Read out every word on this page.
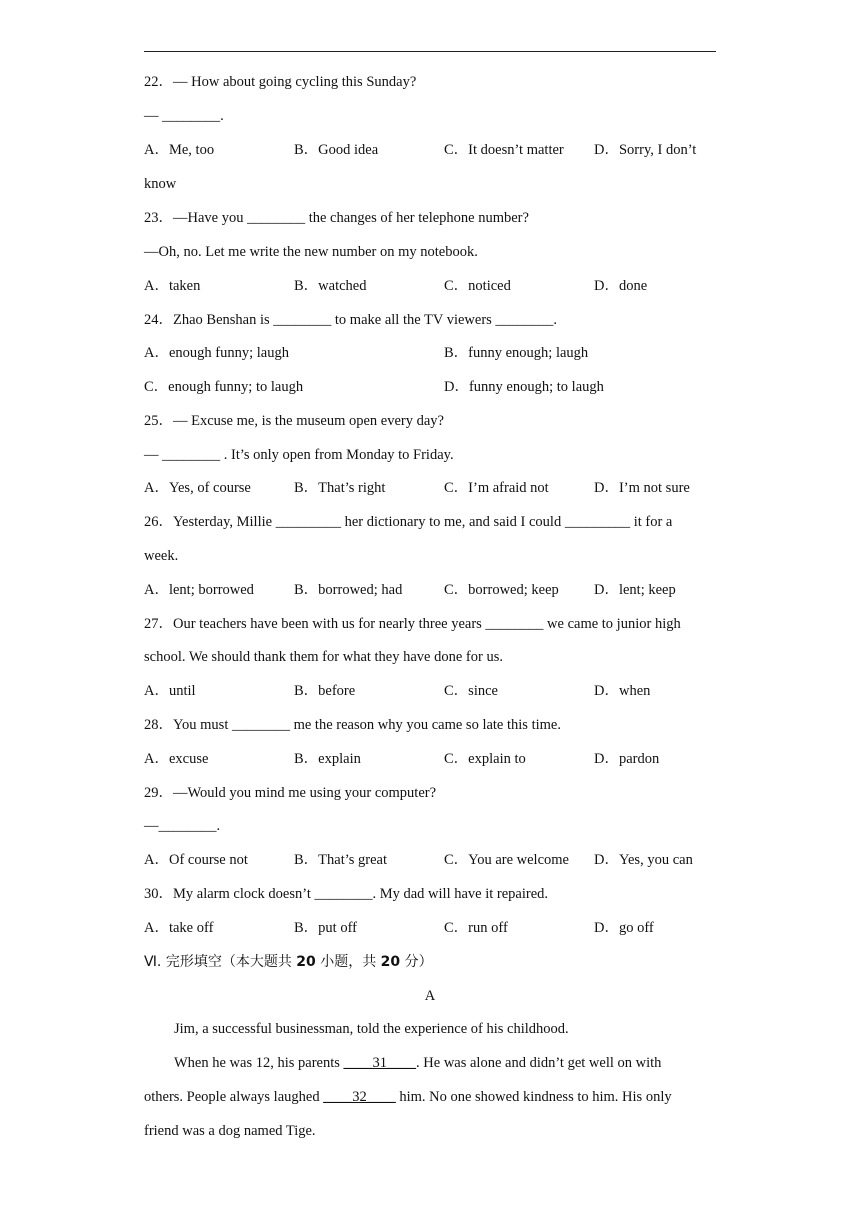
22．— How about going cycling this Sunday?
— ________.

A．Me, too

	B．Good idea

	C．It doesn’t matter

D．Sorry, I don’t

know
23．—Have you ________ the changes of her telephone number?
—Oh, no. Let me write the new number on my notebook.

A．taken

	B．watched

	C．noticed

	D．done

24．Zhao Benshan is ________ to make all the TV viewers ________.

A．enough funny; laugh

	B．funny enough; laugh

C．enough funny; to laugh

	D．funny enough; to laugh

25．— Excuse me, is the museum open every day?
— ________ . It’s only open from Monday to Friday.

A．Yes, of course

	B．That’s right

	C．I’m afraid not

	D．I’m not sure

26．Yesterday, Millie _________ her dictionary to me, and said I could _________ it for a
week.

A．lent; borrowed

	B．borrowed; had

	C．borrowed; keep

D．lent; keep

27．Our teachers have been with us for nearly three years ________ we came to junior high
school. We should thank them for what they have done for us.

A．until

	B．before

	C．since

	D．when

28．You must ________ me the reason why you came so late this time.

A．excuse

	B．explain

	C．explain to

	D．pardon

29．—Would you mind me using your computer?
—________.

A．Of course not

	B．That’s great

	C．You are welcome

D．Yes, you can

30．My alarm clock doesn’t ________. My dad will have it repaired.

A．take off

	B．put off

	C．run off

	D．go off

Ⅵ. 完形填空（本大题共 20 小题，共 20 分）
A
Jim, a successful businessman, told the experience of his childhood.
When he was 12, his parents ____31____. He was alone and didn’t get well on with
others. People always laughed ____32____ him. No one showed kindness to him. His only
friend was a dog named Tige.
